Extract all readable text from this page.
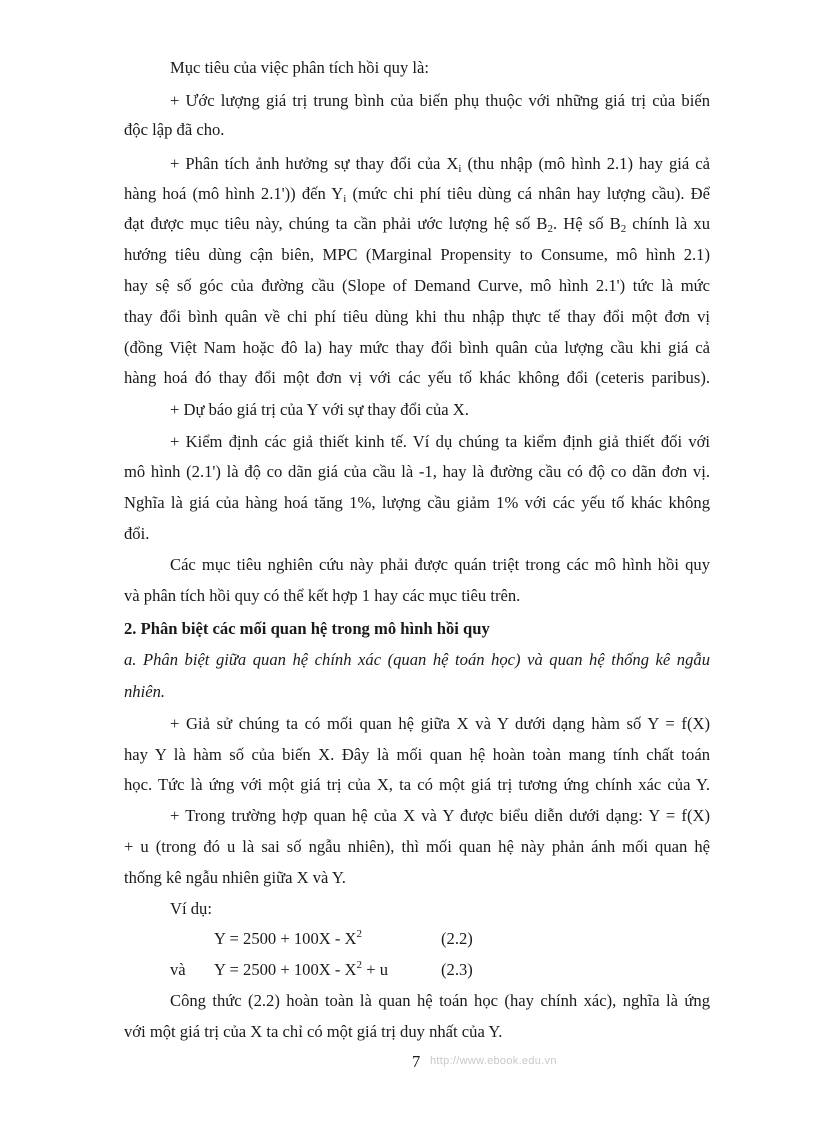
Mục tiêu của việc phân tích hồi quy là:
+ Ước lượng giá trị trung bình của biến phụ thuộc với những giá trị của biến
độc lập đã cho.
+ Phân tích ảnh hưởng sự thay đổi của $X_i$ (thu nhập (mô hình 2.1) hay giá cả
hàng hoá (mô hình 2.1')) đến $Y_i$ (mức chi phí tiêu dùng cá nhân hay lượng cầu). Để
đạt được mục tiêu này, chúng ta cần phải ước lượng hệ số $B_2$. Hệ số $B_2$ chính là xu
hướng tiêu dùng cận biên, MPC (Marginal Propensity to Consume, mô hình 2.1)
hay sệ số góc của đường cầu (Slope of Demand Curve, mô hình 2.1') tức là mức
thay đổi bình quân về chi phí tiêu dùng khi thu nhập thực tế thay đổi một đơn vị
(đồng Việt Nam hoặc đô la) hay mức thay đổi bình quân của lượng cầu khi giá cả
hàng hoá đó thay đổi một đơn vị với các yếu tố khác không đổi (ceteris paribus).
+ Dự báo giá trị của Y với sự thay đổi của X.
+ Kiểm định các giả thiết kinh tế. Ví dụ chúng ta kiểm định giả thiết đối với
mô hình (2.1') là độ co dãn giá của cầu là -1, hay là đường cầu có độ co dãn đơn vị.
Nghĩa là giá của hàng hoá tăng 1%, lượng cầu giảm 1% với các yếu tố khác không
đổi.
Các mục tiêu nghiên cứu này phải được quán triệt trong các mô hình hồi quy
và phân tích hồi quy có thể kết hợp 1 hay các mục tiêu trên.
2. Phân biệt các mối quan hệ trong mô hình hồi quy
a. Phân biệt giữa quan hệ chính xác (quan hệ toán học) và quan hệ thống kê ngẫu
nhiên.
+ Giả sử chúng ta có mối quan hệ giữa X và Y dưới dạng hàm số Y = f(X)
hay Y là hàm số của biến X. Đây là mối quan hệ hoàn toàn mang tính chất toán
học. Tức là ứng với một giá trị của X, ta có một giá trị tương ứng chính xác của Y.
+ Trong trường hợp quan hệ của X và Y được biểu diễn dưới dạng: Y = f(X)
+ u (trong đó u là sai số ngẫu nhiên), thì mối quan hệ này phản ánh mối quan hệ
thống kê ngẫu nhiên giữa X và Y.
Ví dụ:
$Y = 2500 + 100X - X^2$	(2.2)
và $Y = 2500 + 100X - X^2 + u$	(2.3)
Công thức (2.2) hoàn toàn là quan hệ toán học (hay chính xác), nghĩa là ứng
với một giá trị của X ta chỉ có một giá trị duy nhất của Y.
7 http://www.ebook.edu.vn
